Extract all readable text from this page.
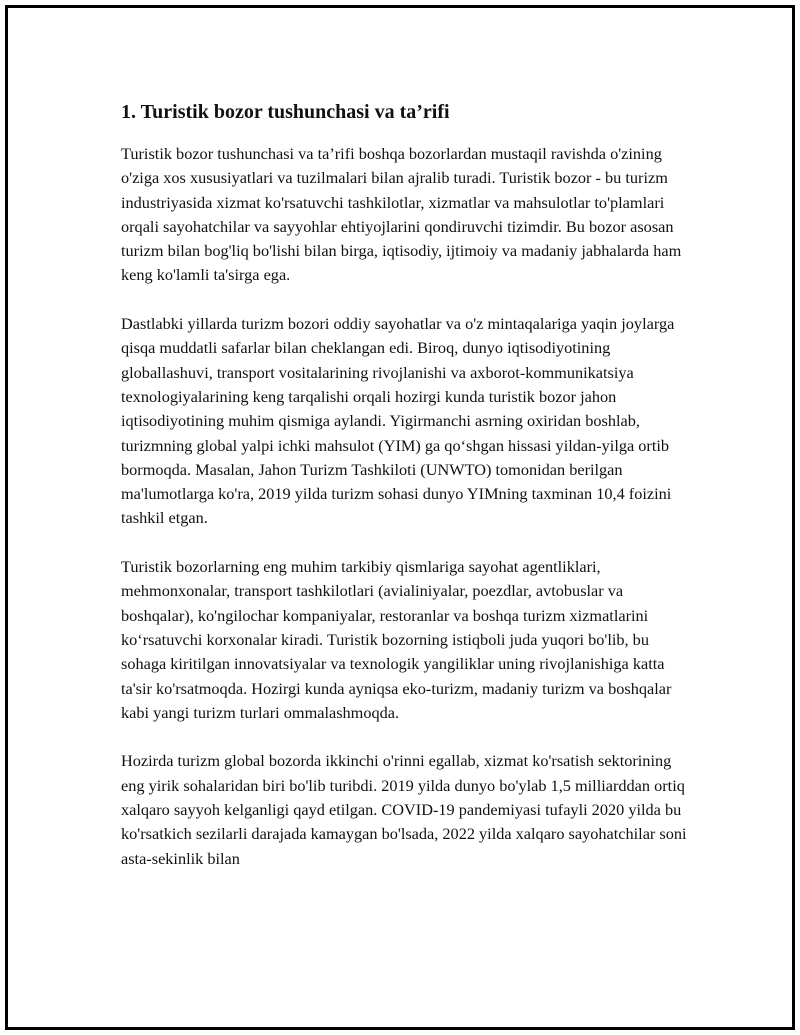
1. Turistik bozor tushunchasi va ta’rifi

Turistik bozor tushunchasi va ta’rifi boshqa bozorlardan mustaqil ravishda o'zining o'ziga xos xususiyatlari va tuzilmalari bilan ajralib turadi. Turistik bozor - bu turizm industriyasida xizmat ko'rsatuvchi tashkilotlar, xizmatlar va mahsulotlar to'plamlari orqali sayohatchilar va sayyohlar ehtiyojlarini qondiruvchi tizimdir. Bu bozor asosan turizm bilan bog'liq bo'lishi bilan birga, iqtisodiy, ijtimoiy va madaniy jabhalarda ham keng ko'lamli ta'sirga ega.

Dastlabki yillarda turizm bozori oddiy sayohatlar va o'z mintaqalariga yaqin joylarga qisqa muddatli safarlar bilan cheklangan edi. Biroq, dunyo iqtisodiyotining globallashuvi, transport vositalarining rivojlanishi va axborot-kommunikatsiya texnologiyalarining keng tarqalishi orqali hozirgi kunda turistik bozor jahon iqtisodiyotining muhim qismiga aylandi. Yigirmanchi asrning oxiridan boshlab, turizmning global yalpi ichki mahsulot (YIM) ga qo‘shgan hissasi yildan-yilga ortib bormoqda. Masalan, Jahon Turizm Tashkiloti (UNWTO) tomonidan berilgan ma'lumotlarga ko'ra, 2019 yilda turizm sohasi dunyo YIMning taxminan 10,4 foizini tashkil etgan.

Turistik bozorlarning eng muhim tarkibiy qismlariga sayohat agentliklari, mehmonxonalar, transport tashkilotlari (avialiniyalar, poezdlar, avtobuslar va boshqalar), ko'ngilochar kompaniyalar, restoranlar va boshqa turizm xizmatlarini ko‘rsatuvchi korxonalar kiradi. Turistik bozorning istiqboli juda yuqori bo'lib, bu sohaga kiritilgan innovatsiyalar va texnologik yangiliklar uning rivojlanishiga katta ta'sir ko'rsatmoqda. Hozirgi kunda ayniqsa eko-turizm, madaniy turizm va boshqalar kabi yangi turizm turlari ommalashmoqda.

Hozirda turizm global bozorda ikkinchi o'rinni egallab, xizmat ko'rsatish sektorining eng yirik sohalaridan biri bo'lib turibdi. 2019 yilda dunyo bo'ylab 1,5 milliarddan ortiq xalqaro sayyoh kelganligi qayd etilgan. COVID-19 pandemiyasi tufayli 2020 yilda bu ko'rsatkich sezilarli darajada kamaygan bo'lsada, 2022 yilda xalqaro sayohatchilar soni asta-sekinlik bilan
